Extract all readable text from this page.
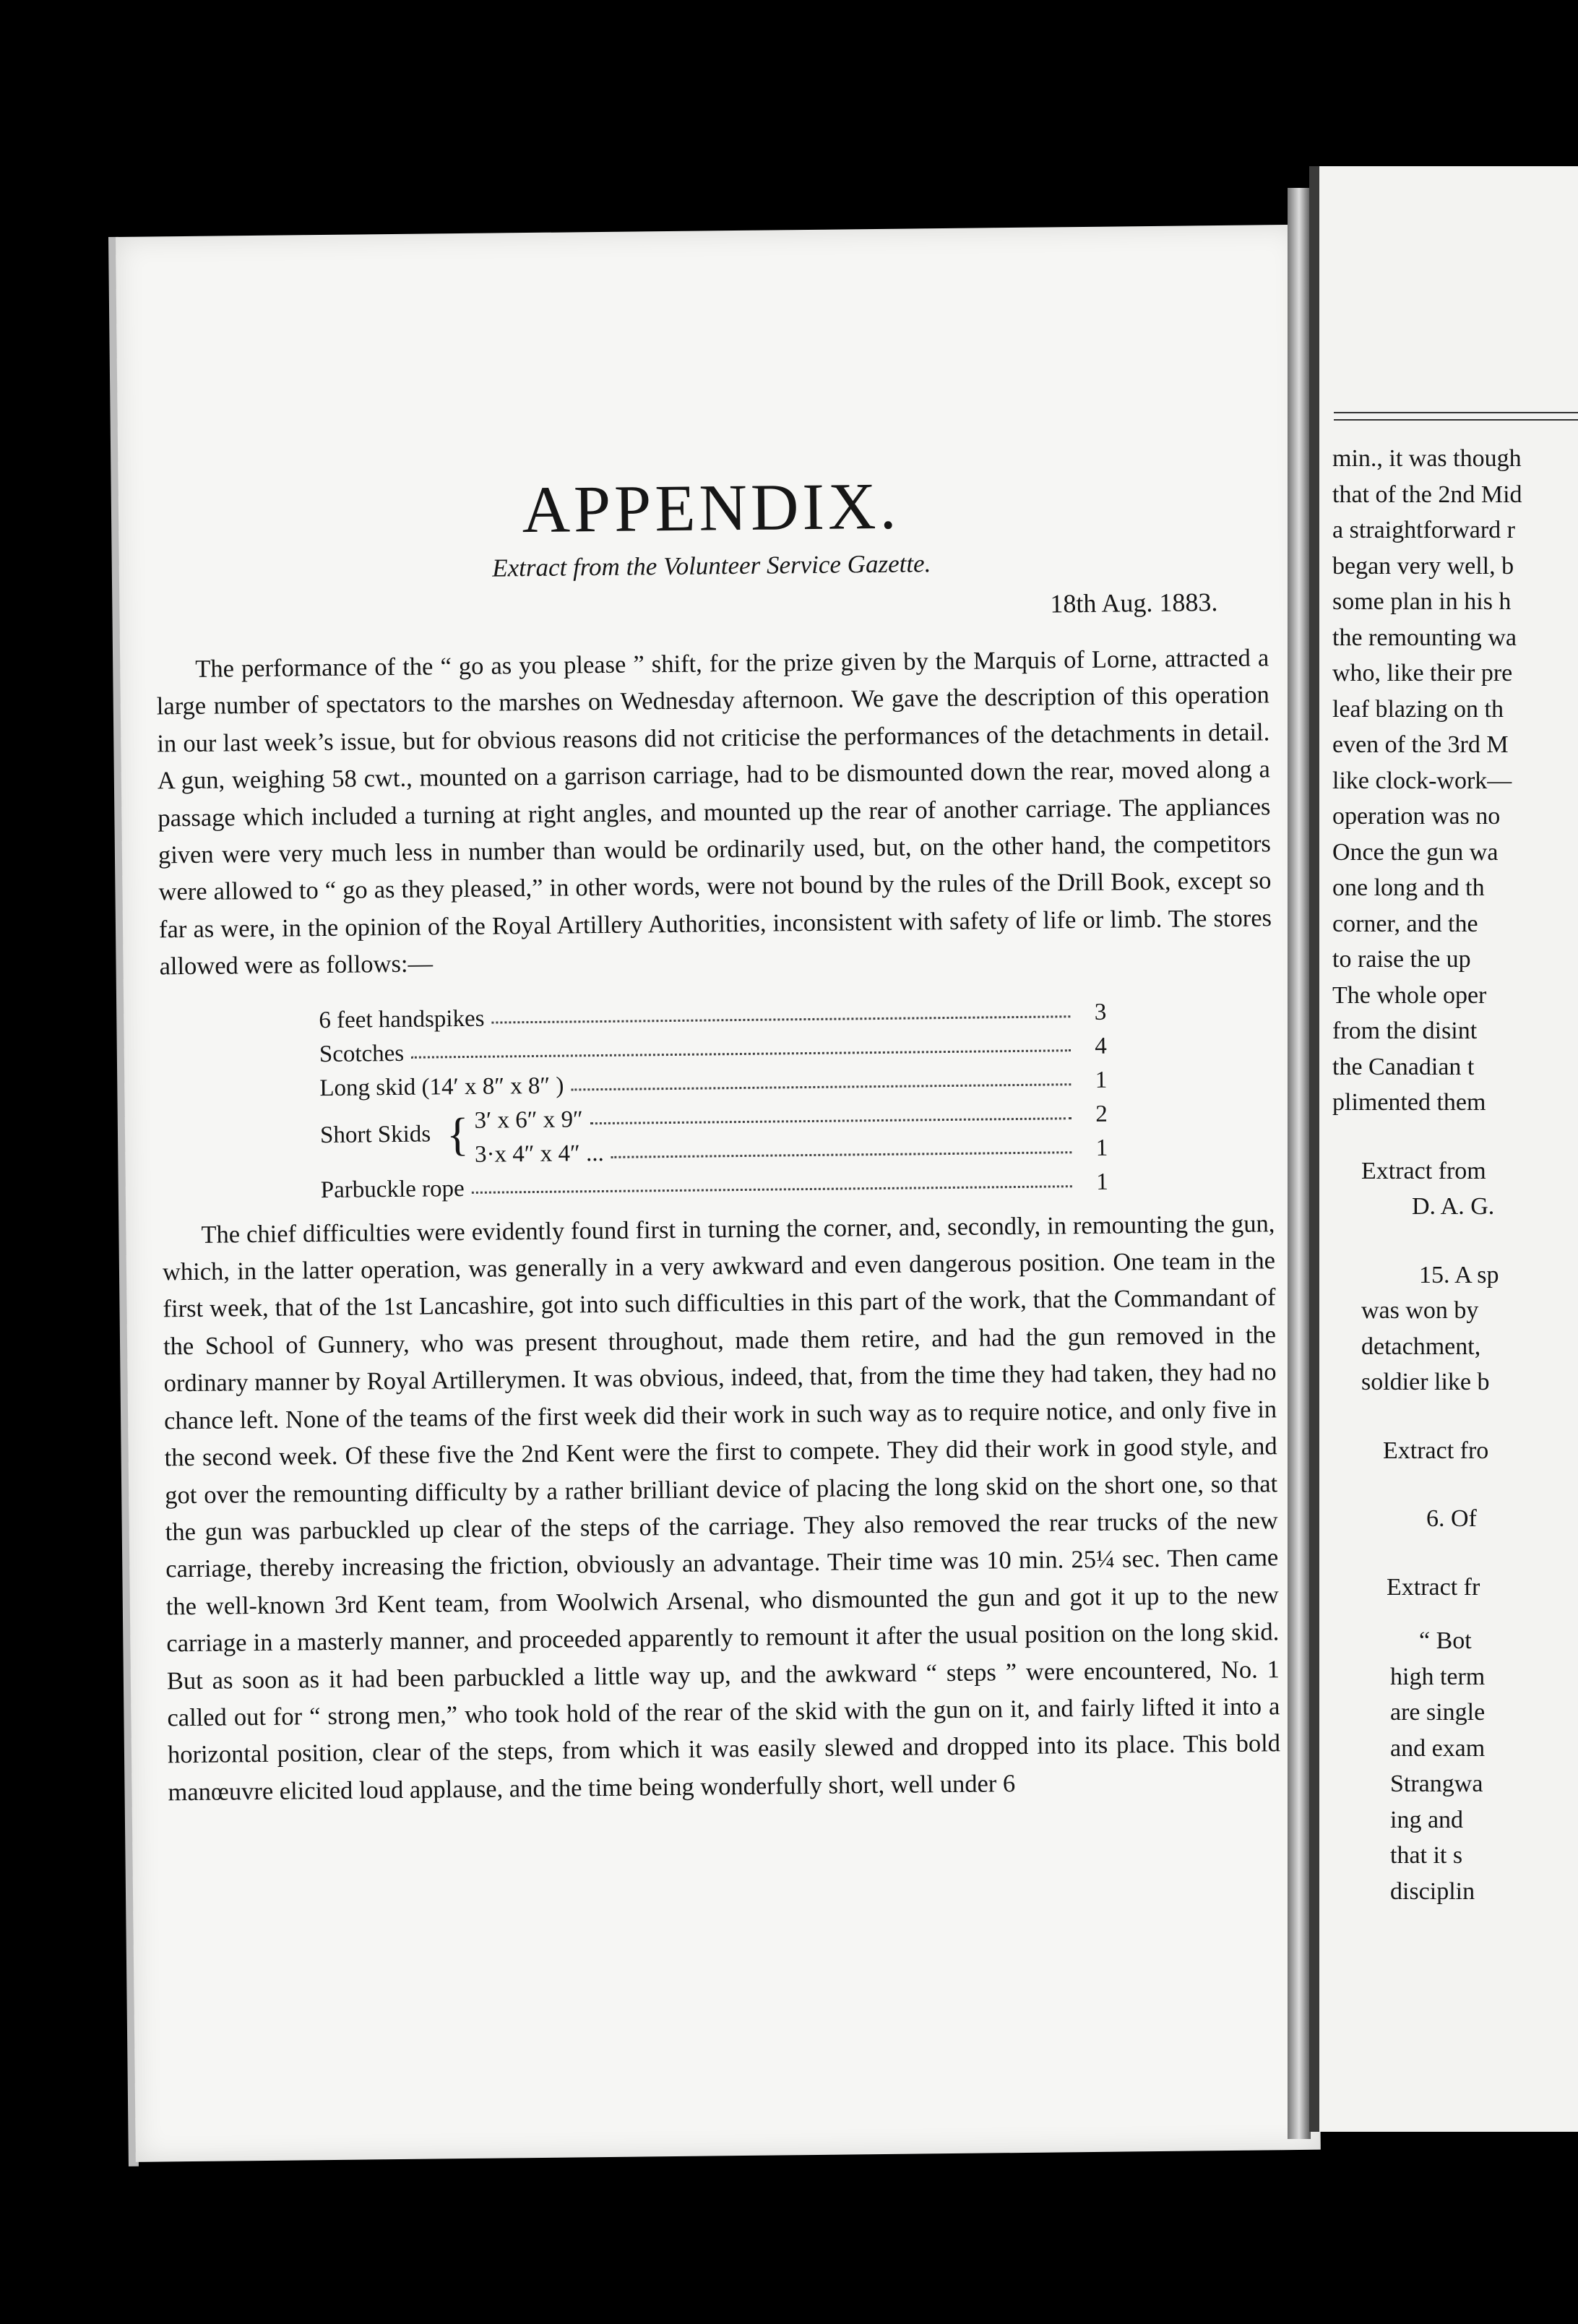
APPENDIX.
Extract from the Volunteer Service Gazette.
18th Aug. 1883.

The performance of the “ go as you please ” shift, for the prize given by the Marquis of Lorne, attracted a large number of spectators to the marshes on Wednesday afternoon. We gave the description of this operation in our last week’s issue, but for obvious reasons did not criticise the performances of the detachments in detail. A gun, weighing 58 cwt., mounted on a garrison carriage, had to be dismounted down the rear, moved along a passage which included a turning at right angles, and mounted up the rear of another carriage. The appliances given were very much less in number than would be ordinarily used, but, on the other hand, the competitors were allowed to “ go as they pleased,” in other words, were not bound by the rules of the Drill Book, except so far as were, in the opinion of the Royal Artillery Authorities, inconsistent with safety of life or limb. The stores allowed were as follows:—

6 feet handspikes	3
Scotches	4
Long skid (14′ x 8″ x 8″ )	1
Short Skids { 3′ x 6″ x 9″	2
3·x 4″ x 4″ ...	1
Parbuckle rope	1

The chief difficulties were evidently found first in turning the corner, and, secondly, in remounting the gun, which, in the latter operation, was generally in a very awkward and even dangerous position. One team in the first week, that of the 1st Lancashire, got into such difficulties in this part of the work, that the Commandant of the School of Gunnery, who was present throughout, made them retire, and had the gun removed in the ordinary manner by Royal Artillerymen. It was obvious, indeed, that, from the time they had taken, they had no chance left. None of the teams of the first week did their work in such way as to require notice, and only five in the second week. Of these five the 2nd Kent were the first to compete. They did their work in good style, and got over the remounting difficulty by a rather brilliant device of placing the long skid on the short one, so that the gun was parbuckled up clear of the steps of the carriage. They also removed the rear trucks of the new carriage, thereby increasing the friction, obviously an advantage. Their time was 10 min. 25¼ sec. Then came the well-known 3rd Kent team, from Woolwich Arsenal, who dismounted the gun and got it up to the new carriage in a masterly manner, and proceeded apparently to remount it after the usual position on the long skid. But as soon as it had been parbuckled a little way up, and the awkward “ steps ” were encountered, No. 1 called out for “ strong men,” who took hold of the rear of the skid with the gun on it, and fairly lifted it into a horizontal position, clear of the steps, from which it was easily slewed and dropped into its place. This bold manœuvre elicited loud applause, and the time being wonderfully short, well under 6

min., it was though
that of the 2nd Mid
a straightforward r
began very well, b
some plan in his h
the remounting wa
who, like their pre
leaf blazing on th
even of the 3rd M
like clock-work—
operation was no
Once the gun wa
one long and th
corner, and the
to raise the up
The whole oper
from the disint
the Canadian t
plimented them
Extract from
D. A. G.
15. A sp
was won by
detachment,
soldier like b
Extract fro
6. Of
Extract fr
“ Bot
high term
are single
and exam
Strangwa
ing and
that it s
disciplin
